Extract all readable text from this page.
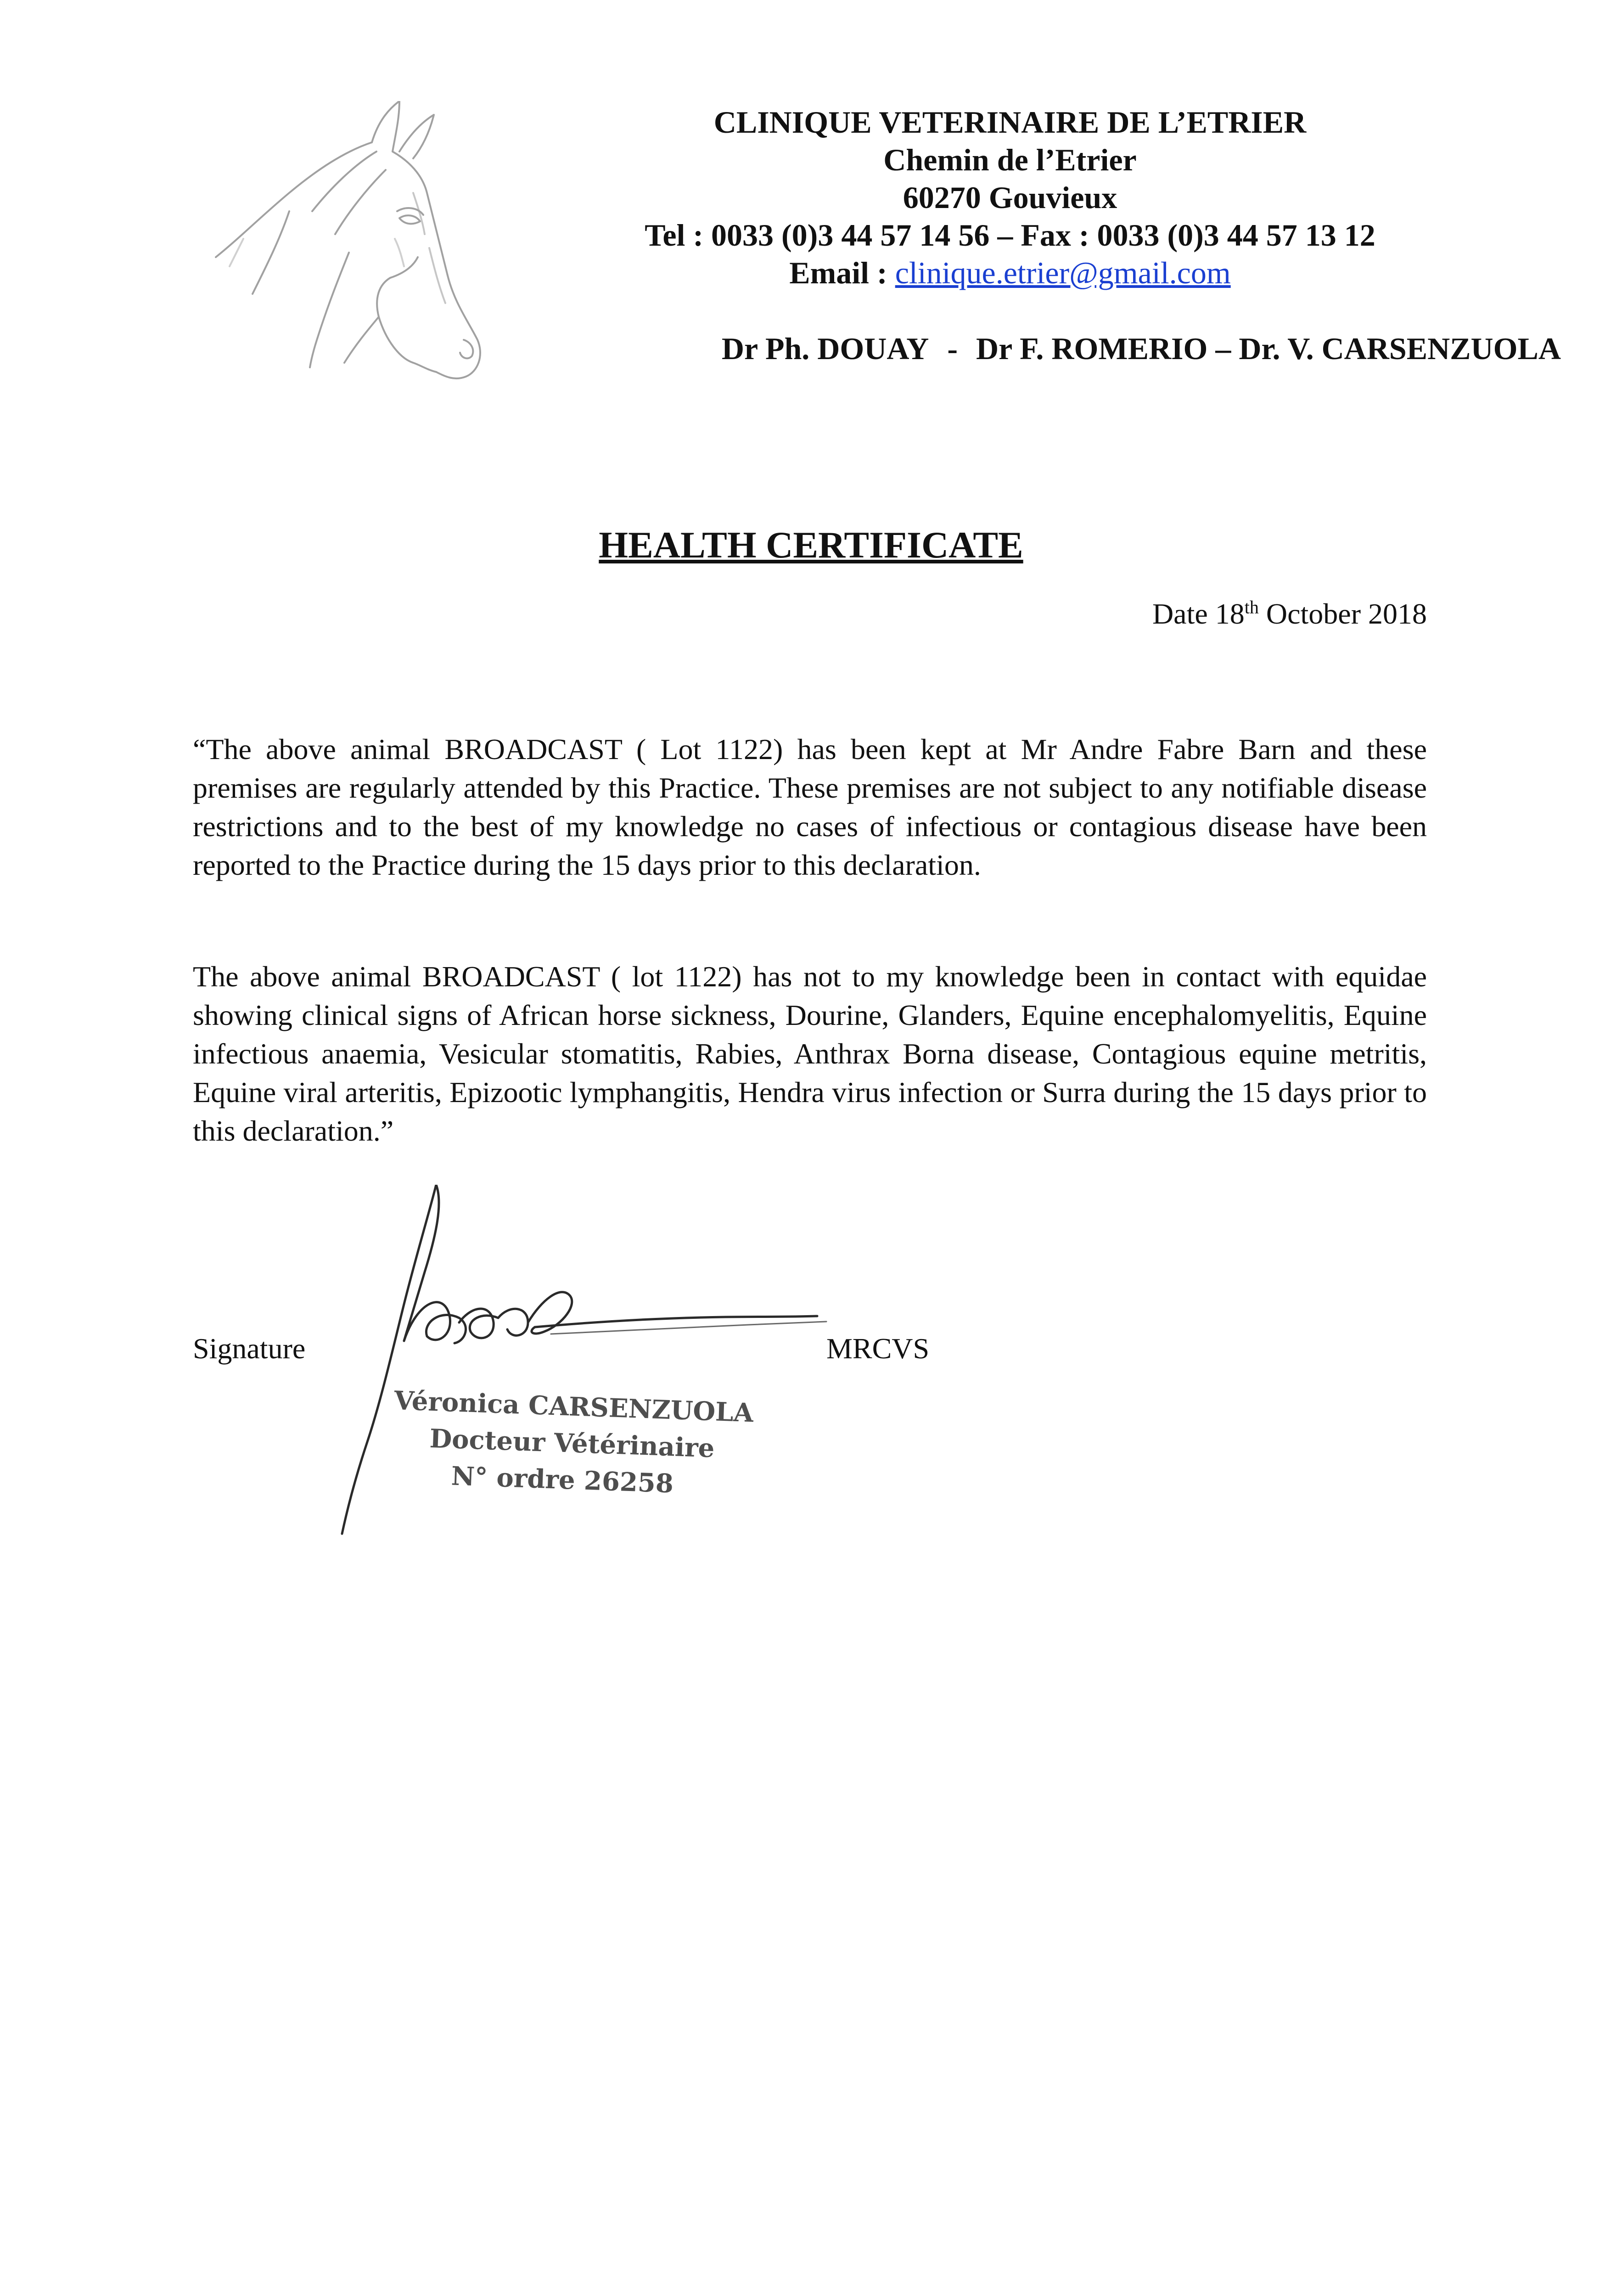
CLINIQUE VETERINAIRE DE L’ETRIER
Chemin de l’Etrier
60270 Gouvieux
Tel : 0033 (0)3 44 57 14 56 – Fax : 0033 (0)3 44 57 13 12
Email : clinique.etrier@gmail.com
Dr Ph. DOUAY - Dr F. ROMERIO – Dr. V. CARSENZUOLA
HEALTH CERTIFICATE
Date 18th October 2018
“The above animal BROADCAST ( Lot 1122) has been kept at Mr Andre Fabre Barn and these premises are regularly attended by this Practice. These premises are not subject to any notifiable disease restrictions and to the best of my knowledge no cases of infectious or contagious disease have been reported to the Practice during the 15 days prior to this declaration.
The above animal BROADCAST ( lot 1122) has not to my knowledge been in contact with equidae showing clinical signs of African horse sickness, Dourine, Glanders, Equine encephalomyelitis, Equine infectious anaemia, Vesicular stomatitis, Rabies, Anthrax Borna disease, Contagious equine metritis, Equine viral arteritis, Epizootic lymphangitis, Hendra virus infection or Surra during the 15 days prior to this declaration.”
Signature	MRCVS
Véronica CARSENZUOLA
Docteur Vétérinaire
N° ordre 26258
